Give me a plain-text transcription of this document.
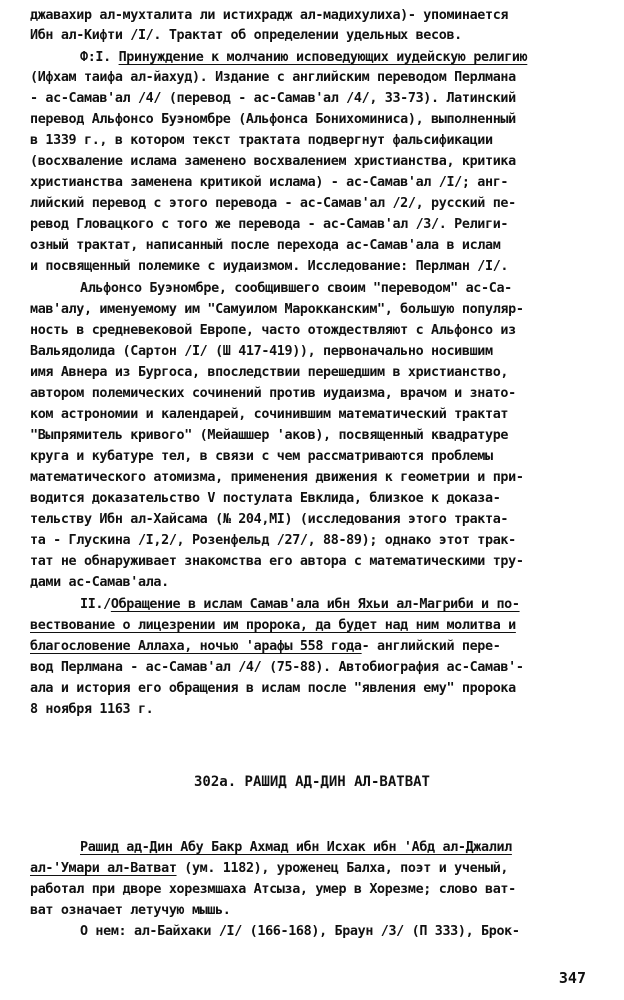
джавахир ал-мухталита ли истихрадж ал-мадихулиха)- упоминается
Ибн ал-Кифти /I/. Трактат об определении удельных весов.
Ф:I. Принуждение к молчанию исповедующих иудейскую религию
(Ифхам таифа ал-йахуд). Издание с английским переводом Перлмана
- ас-Самав'ал /4/ (перевод - ас-Самав'ал /4/, 33-73). Латинский
перевод Альфонсо Буэномбре (Альфонса Бонихоминиса), выполненный
в 1339 г., в котором текст трактата подвергнут фальсификации
(восхваление ислама заменено восхвалением христианства, критика
христианства заменена критикой ислама) - ас-Самав'ал /I/; анг-
лийский перевод с этого перевода - ас-Самав'ал /2/, русский пе-
ревод Гловацкого с того же перевода - ас-Самав'ал /3/. Религи-
озный трактат, написанный после перехода ас-Самав'ала в ислам
и посвященный полемике с иудаизмом. Исследование: Перлман /I/.
Альфонсо Буэномбре, сообщившего своим "переводом" ас-Са-
мав'алу, именуемому им "Самуилом Марокканским", большую популяр-
ность в средневековой Европе, часто отождествляют с Альфонсо из
Вальядолида (Сартон /I/ (Ш 417-419)), первоначально носившим
имя Авнера из Бургоса, впоследствии перешедшим в христианство,
автором полемических сочинений против иудаизма, врачом и знато-
ком астрономии и календарей, сочинившим математический трактат
"Выпрямитель кривого" (Мейашшер 'аков), посвященный квадратуре
круга и кубатуре тел, в связи с чем рассматриваются проблемы
математического атомизма, применения движения к геометрии и при-
водится доказательство V постулата Евклида, близкое к доказа-
тельству Ибн ал-Хайсама (№ 204,MI) (исследования этого тракта-
та - Глускина /I,2/, Розенфельд /27/, 88-89); однако этот трак-
тат не обнаруживает знакомства его автора с математическими тру-
дами ас-Самав'ала.
II./Обращение в ислам Самав'ала ибн Яхьи ал-Магриби и по-
вествование о лицезрении им пророка, да будет над ним молитва и
благословение Аллаха, ночью 'арафы 558 года- английский пере-
вод Перлмана - ас-Самав'ал /4/ (75-88). Автобиография ас-Самав'-
ала и история его обращения в ислам после "явления ему" пророка
8 ноября 1163 г.
302а. РАШИД АД-ДИН АЛ-ВАТВАТ
Рашид ад-Дин Абу Бакр Ахмад ибн Исхак ибн 'Абд ал-Джалил
ал-'Умари ал-Ватват (ум. 1182), уроженец Балха, поэт и ученый,
работал при дворе хорезмшаха Атсыза, умер в Хорезме; слово ват-
ват означает летучую мышь.
О нем: ал-Байхаки /I/ (166-168), Браун /3/ (П 333), Брок-
347
